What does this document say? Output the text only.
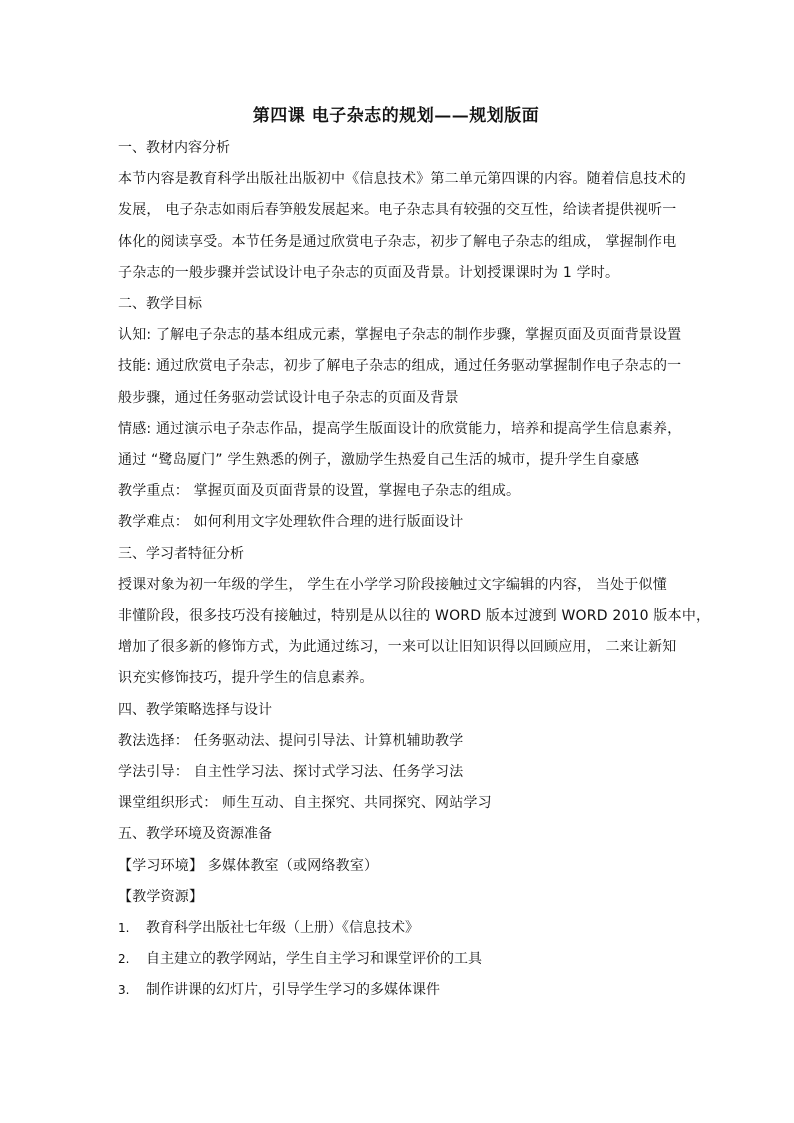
第四课 电子杂志的规划——规划版面
一、教材内容分析
本节内容是教育科学出版社出版初中《信息技术》第二单元第四课的内容。随着信息技术的
发展， 电子杂志如雨后春笋般发展起来。电子杂志具有较强的交互性，给读者提供视听一
体化的阅读享受。本节任务是通过欣赏电子杂志，初步了解电子杂志的组成， 掌握制作电
子杂志的一般步骤并尝试设计电子杂志的页面及背景。计划授课课时为 1 学时。
二、教学目标
认知: 了解电子杂志的基本组成元素，掌握电子杂志的制作步骤，掌握页面及页面背景设置
技能: 通过欣赏电子杂志，初步了解电子杂志的组成，通过任务驱动掌握制作电子杂志的一
般步骤，通过任务驱动尝试设计电子杂志的页面及背景
情感: 通过演示电子杂志作品，提高学生版面设计的欣赏能力，培养和提高学生信息素养，
通过 “鹭岛厦门” 学生熟悉的例子，激励学生热爱自己生活的城市，提升学生自豪感
教学重点： 掌握页面及页面背景的设置，掌握电子杂志的组成。
教学难点： 如何利用文字处理软件合理的进行版面设计
三、学习者特征分析
授课对象为初一年级的学生， 学生在小学学习阶段接触过文字编辑的内容， 当处于似懂
非懂阶段，很多技巧没有接触过，特别是从以往的 WORD 版本过渡到 WORD 2010 版本中，
增加了很多新的修饰方式，为此通过练习，一来可以让旧知识得以回顾应用， 二来让新知
识充实修饰技巧，提升学生的信息素养。
四、教学策略选择与设计
教法选择： 任务驱动法、提问引导法、计算机辅助教学
学法引导： 自主性学习法、探讨式学习法、任务学习法
课堂组织形式： 师生互动、自主探究、共同探究、网站学习
五、教学环境及资源准备
【学习环境】 多媒体教室（或网络教室）
【教学资源】
1. 教育科学出版社七年级（上册）《信息技术》
2. 自主建立的教学网站，学生自主学习和课堂评价的工具
3. 制作讲课的幻灯片，引导学生学习的多媒体课件
